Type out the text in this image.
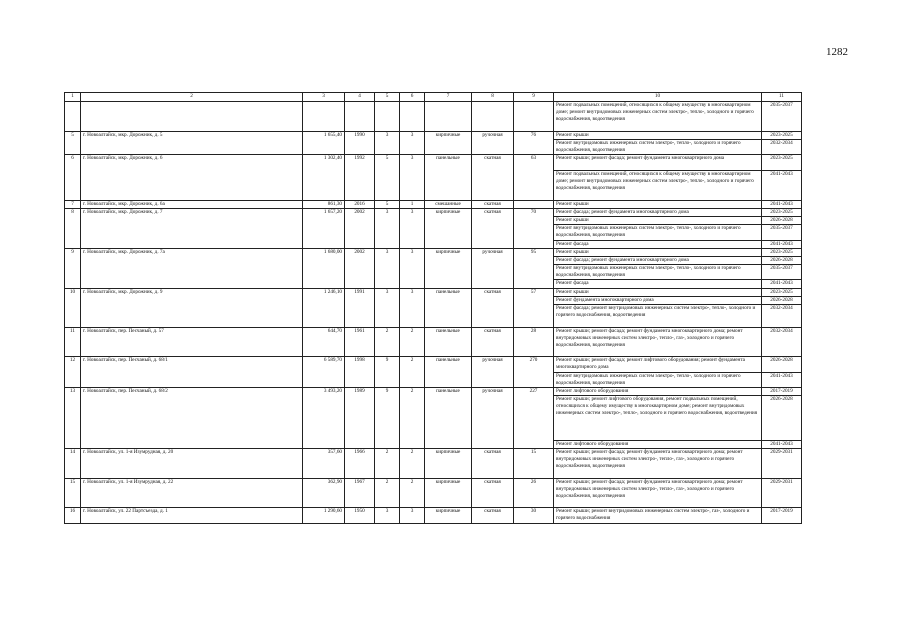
1282
1	2	3	4	5	6	7	8	9	10	11
									Ремонт подвальных помещений, относящихся к общему имуществу в многоквартирном доме; ремонт внутридомовых инженерных систем электро-, тепло-, холодного и горячего водоснабжения, водоотведения	2035-2037
5	г. Новоалтайск, мкр. Дорожник, д. 5	1 655,40	1990	3	3	кирпичные	ручочная	76	Ремонт крыши	2023-2025
									Ремонт внутридомовых инженерных систем электро-, тепло-, холодного и горячего водоснабжения, водоотведения	2032-2034
6	г. Новоалтайск, мкр. Дорожник, д. 6	1 302,40	1992	5	3	панельные	скатная	63	Ремонт крыши; ремонт фасада; ремонт фундамента многоквартирного дома	2023-2025
									Ремонт подвальных помещений, относящихся к общему имуществу в многоквартирном доме; ремонт внутридомовых инженерных систем электро-, тепло-, холодного и горячего водоснабжения, водоотведения	2041-2043
7	г. Новоалтайск, мкр. Дорожник, д. 6а	861,30	2016	5	1	смешанные	скатная		Ремонт крыши	2041-2043
8	г. Новоалтайск, мкр. Дорожник, д. 7	1 657,20	2002	3	3	кирпичные	скатная	70	Ремонт фасада; ремонт фундамента многоквартирного дома	2023-2025
									Ремонт крыши	2026-2028
									Ремонт внутридомовых инженерных систем электро-, тепло-, холодного и горячего водоснабжения, водоотведения	2035-2037
									Ремонт фасада	2041-2043
9	г. Новоалтайск, мкр. Дорожник, д. 7а	1 680,00	2002	3	3	кирпичные	ручочная	95	Ремонт крыши	2023-2025
									Ремонт фасада; ремонт фундамента многоквартирного дома	2026-2028
									Ремонт внутридомовых инженерных систем электро-, тепло-, холодного и горячего водоснабжения, водоотведения	2035-2037
									Ремонт фасада	2041-2043
10	г. Новоалтайск, мкр. Дорожник, д. 9	1 246,10	1991	3	3	панельные	скатная	57	Ремонт крыши	2023-2025
									Ремонт фундамента многоквартирного дома	2026-2028
									Ремонт фасада; ремонт внутридомовых инженерных систем электро-, тепло-, холодного и горячего водоснабжения, водоотведения	2032-2034
11	г. Новоалтайск, пер. Песчаный, д. 57	644,70	1961	2	2	панельные	скатная	28	Ремонт крыши; ремонт фасада; ремонт фундамента многоквартирного дома; ремонт внутридомовых инженерных систем электро-, тепло-, газ-, холодного и горячего водоснабжения, водоотведения	2032-2034
12	г. Новоалтайск, пер. Песчаный, д. 68/1	6 589,70	1998	9	2	панельные	ручочная	270	Ремонт крыши; ремонт фасада; ремонт лифтового оборудования; ремонт фундамента многоквартирного дома	2026-2028
									Ремонт внутридомовых инженерных систем электро-, тепло-, холодного и горячего водоснабжения, водоотведения	2041-2043
13	г. Новоалтайск, пер. Песчаный, д. 68/2	3 493,20	1989	9	2	панельные	ручочная	227	Ремонт лифтового оборудования	2017-2019
									Ремонт крыши; ремонт лифтового оборудования, ремонт подвальных помещений, относящихся к общему имуществу в многоквартирном доме; ремонт внутридомовых инженерных систем электро-, тепло-, холодного и горячего водоснабжения, водоотведения	2026-2028
									Ремонт лифтового оборудования	2041-2043
14	г. Новоалтайск, ул. 1-я Изумрудная, д. 20	357,60	1966	2	2	кирпичные	скатная	15	Ремонт крыши; ремонт фасада; ремонт фундамента многоквартирного дома; ремонт внутридомовых инженерных систем электро-, тепло-, газ-, холодного и горячего водоснабжения, водоотведения	2029-2031
15	г. Новоалтайск, ул. 1-я Изумрудная, д. 22	362,90	1967	2	2	кирпичные	скатная	26	Ремонт крыши; ремонт фасада; ремонт фундамента многоквартирного дома; ремонт внутридомовых инженерных систем электро-, тепло-, газ-, холодного и горячего водоснабжения, водоотведения	2029-2031
16	г. Новоалтайск, ул. 22 Партсъезда, д. 1	1 290,60	1950	3	3	кирпичные	скатная	30	Ремонт крыши; ремонт внутридомовых инженерных систем электро-, газ-, холодного и горячего водоснабжения	2017-2019
